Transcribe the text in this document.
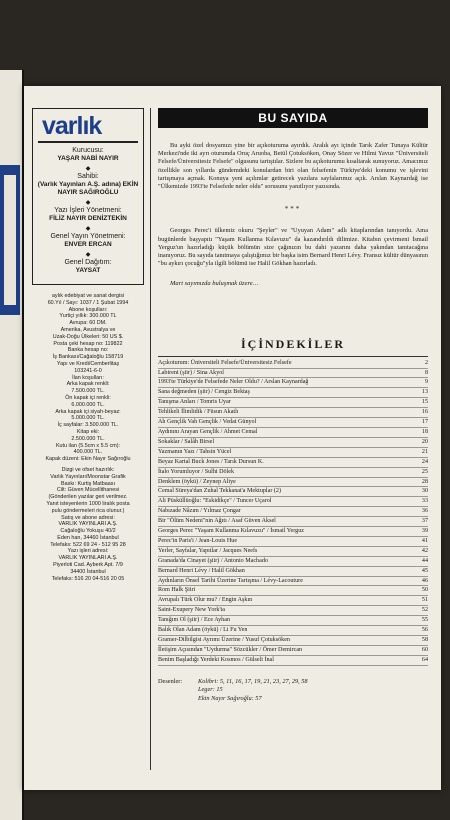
varlık
Kurucusu:
YAŞAR NABİ NAYIR
◆
Sahibi:
(Varlık Yayınları A.Ş. adına) EKİN NAYIR SAĞIROĞLU
◆
Yazı İşleri Yönetmeni:
FİLİZ NAYIR DENİZTEKİN
◆
Genel Yayın Yönetmeni:
ENVER ERCAN
◆
Genel Dağıtım:
YAYSAT
aylık edebiyat ve sanat dergisi
60.Yıl / Sayı: 1037 / 1 Şubat 1994
Abone koşulları:
Yurtiçi yıllık: 300.000 TL
Avrupa: 60 DM.
Amerika, Avustralya ve
Uzak-Doğu Ülkeleri: 50 US $.
Posta çeki hesap no: 119822
Banka hesap no:
İş Bankası/Cağaloğlu 158719
Yapı ve Kredi/Cemberlitaş
103241-6-0
İlan koşulları:
Arka kapak renkli:
7.500.000 TL.
Ön kapak içi renkli:
6.000.000 TL.
Arka kapak içi siyah-beyaz:
5.000.000 TL.
İç sayfalar: 3.500.000 TL.
Kitap eki:
2.500.000 TL.
Kutu ilan (5.5cm x 5.5 cm):
400.000 TL.
Kapak düzeni: Ekin Nayır Sağıroğlu
Dizgi ve ofset hazırlık:
Varlık Yayınları/Moonstar Grafik
Baskı: Kurtiş Matbaası
Cilt: Güven Mücellithanesi
(Gönderilen yazılar geri verilmez.
Yanıt isteyenlerin 1000 liralık posta
pulu göndermeleri rica olunur.)
Satış ve abone adresi:
VARLIK YAYINLARI A.Ş.
Cağaloğlu Yokuşu 40/2
Eden han, 34460 İstanbul
Telefaks: 522 69 24 - 512 95 28
Yazı işleri adresi:
VARLIK YAYINLARI A.Ş.
Piyerloti Cad. Ayberk Apt. 7/9
34400 İstanbul
Telefaks: 516 20 04-516 20 05
BU SAYIDA

Bu ayki özel dosyamızı yine bir açıkoturuma ayırdık. Aralık ayı içinde Tarık Zafer Tunaya Kültür Merkezi'nde iki ayrı oturumda Oruç Aruoba, Betül Çotuksöken, Onay Sözer ve Hilmi Yavuz "Üniversiteli Felsefe/Üniversitesiz Felsefe" olgusunu tartıştılar. Sizlere bu açıkoturumu kısaltarak sunuyoruz. Amacımız özellikle son yıllarda gündemdeki konulardan biri olan felsefenin Türkiye'deki konumu ve işlevini tartışmaya açmak. Konuya yeni açılımlar getirecek yazılara sayfalarımız açık. Arslan Kaynardağ ise "Ülkemizde 1993'te Felsefede neler oldu" sorusunu yanıtlıyor yazısında.

***

Georges Perec'i ülkemiz okuru "Şeyler" ve "Uyuyan Adam" adlı kitaplarından tanıyordu. Ama bugünlerde başyapıtı "Yaşam Kullanma Kılavuzu" da kazandırıldı dilimize. Kitabın çevirmeni İsmail Yerguz'un hazırladığı küçük bölümün size çağınızın bu dahi yazarını daha yakından tanıtacağına inanıyoruz. Bu sayıda tanıtmaya çalıştığımız bir başka isim Bernard Henri Lévy. Fransız kültür dünyasının "bu aykırı çocuğu"yla ilgili bölümü ise Halil Gökhan hazırladı.

Mart sayımızda buluşmak üzere…
İÇİNDEKİLER
Açıkoturum: Üniversiteli Felsefe/Üniversitesiz Felsefe	2
Labirent (şiir) / Sina Akyol	8
1993'te Türkiye'de Felsefede Neler Oldu? / Arslan Kaynardağ	9
Sana değmeden (şiir) / Cengiz Bektaş	13
Tanışma Anları / Tomris Uyar	15
Tehlikeli İlimlidik / Füsun Akatlı	16
Ah Gençlik Vah Gençlik / Vedat Günyol	17
Aydınını Arayan Gençlik / Ahmet Cemal	18
Sokaklar / Salâh Birsel	20
Yazmanın Yazı / Tahsin Yücel	21
Beyaz Kartal Buck Jones / Tarık Dursun K.	24
İtalo Yorumluyor / Sulhi Dölek	25
Denklem (öykü) / Zeynep Aliye	28
Cemal Süreya'dan Zuhal Tekkanat'a Mektuplar (2)	30
Ali Püsküllüoğlu: "Eskidikçe" / Tuncer Uçarol	33
Nabızade Nâzım / Yılmaz Çongar	36
Bir "Ölüm Nedeni"nin Ağıtı / Asaf Güven Aksel	37
Georges Perec "Yaşam Kullanma Kılavuzu" / İsmail Yerguz	39
Perec'in Paris'i / Jean-Louis Hue	41
Yerler, Sayfalar, Yapıtlar / Jacques Neefs	42
Granada'da Cinayet (şiir) / Antonio Machado	44
Bernard Henri Lévy / Halil Gökhan	45
Aydınların Önsel Tarihi Üzerine Tartışma / Lévy-Lacouture	46
Rom Halk Şiiri	50
Avrupalı Türk Olur mu? / Engin Aşkın	51
Saint-Exupery New York'ta	52
Tanığım Ol (şiir) / Ece Ayhan	55
Balık Olan Adam (öykü) / Li Fu Yen	56
Gramer-Dilbilgisi Ayrımı Üzerine / Yusuf Çotuksöken	58
İletişim Açısından "Uydurma" Sözcükler / Ömer Demircan	60
Benim Başladığı Yerdeki Kosmos / Gülseli İnal	64
Desenler:	Kolibri: 5, 11, 16, 17, 19, 21, 23, 27, 29, 58
Leger: 15
Ekin Nayır Sağıroğlu: 57
